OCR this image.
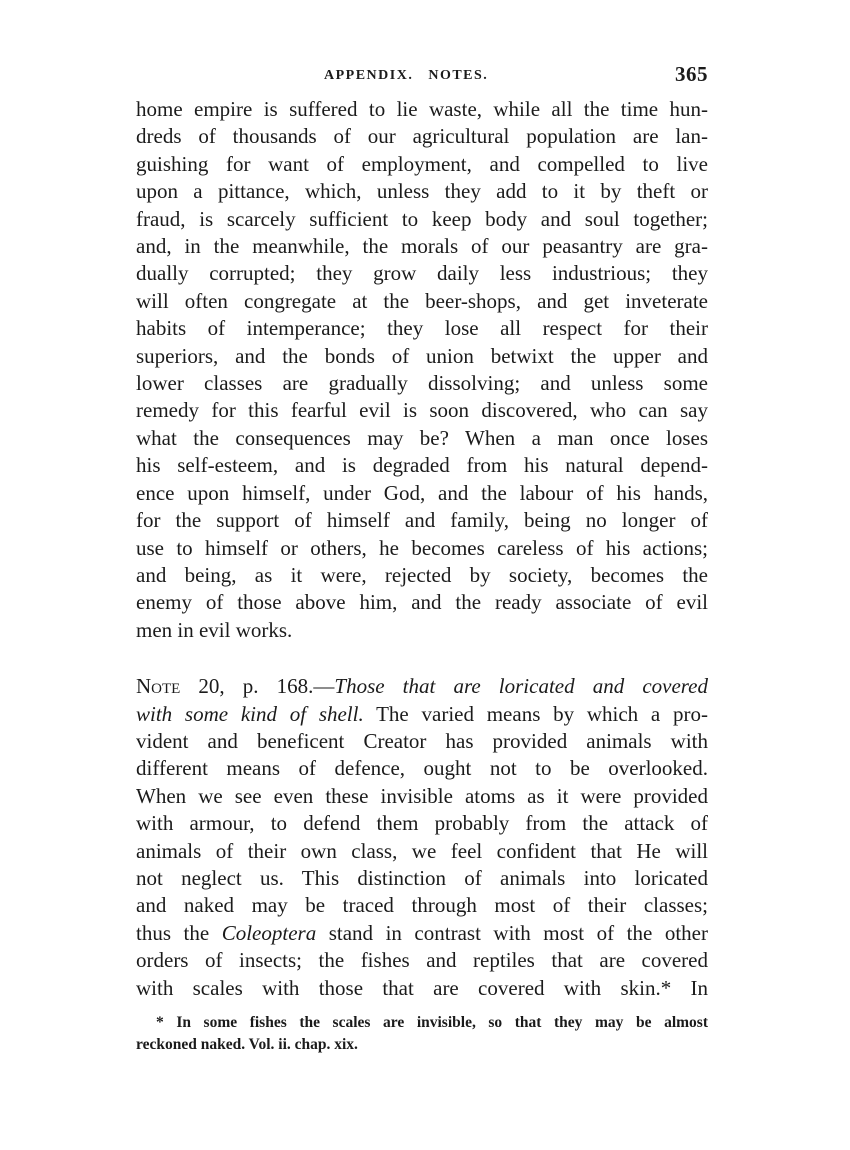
APPENDIX.   NOTES.	365
home empire is suffered to lie waste, while all the time hun-
dreds of thousands of our agricultural population are lan-
guishing for want of employment, and compelled to live
upon a pittance, which, unless they add to it by theft or
fraud, is scarcely sufficient to keep body and soul together;
and, in the meanwhile, the morals of our peasantry are gra-
dually corrupted; they grow daily less industrious; they
will often congregate at the beer-shops, and get inveterate
habits of intemperance; they lose all respect for their
superiors, and the bonds of union betwixt the upper and
lower classes are gradually dissolving; and unless some
remedy for this fearful evil is soon discovered, who can say
what the consequences may be? When a man once loses
his self-esteem, and is degraded from his natural depend-
ence upon himself, under God, and the labour of his hands,
for the support of himself and family, being no longer of
use to himself or others, he becomes careless of his actions;
and being, as it were, rejected by society, becomes the
enemy of those above him, and the ready associate of evil
men in evil works.
Note 20, p. 168.—Those that are loricated and covered
with some kind of shell. The varied means by which a pro-
vident and beneficent Creator has provided animals with
different means of defence, ought not to be overlooked.
When we see even these invisible atoms as it were provided
with armour, to defend them probably from the attack of
animals of their own class, we feel confident that He will
not neglect us. This distinction of animals into loricated
and naked may be traced through most of their classes;
thus the Coleoptera stand in contrast with most of the other
orders of insects; the fishes and reptiles that are covered
with scales with those that are covered with skin.* In
* In some fishes the scales are invisible, so that they may be almost
reckoned naked. Vol. ii. chap. xix.
